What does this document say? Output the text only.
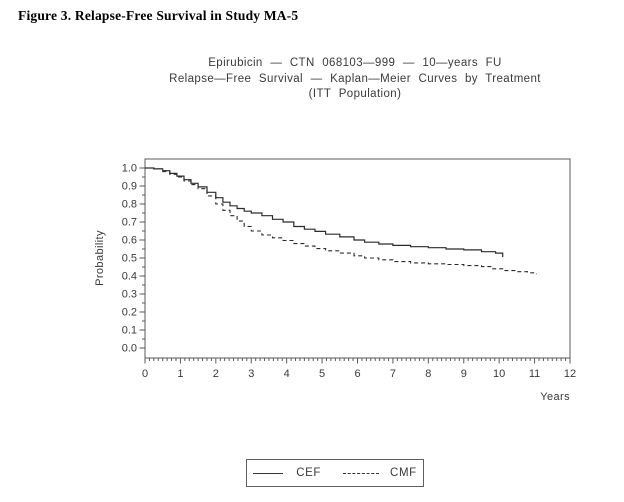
Figure 3. Relapse-Free Survival in Study MA-5
Epirubicin — CTN 068103—999 — 10—years FU
Relapse—Free Survival — Kaplan—Meier Curves by Treatment
(ITT Population)
Probability
0	1	2	3	4	5	6	7	8	9 10 11 12
0.0
0.1
0.2
0.3
0.4
0.5
0.6
0.7
0.8
0.9
1.0
Years
CEF	CMF
